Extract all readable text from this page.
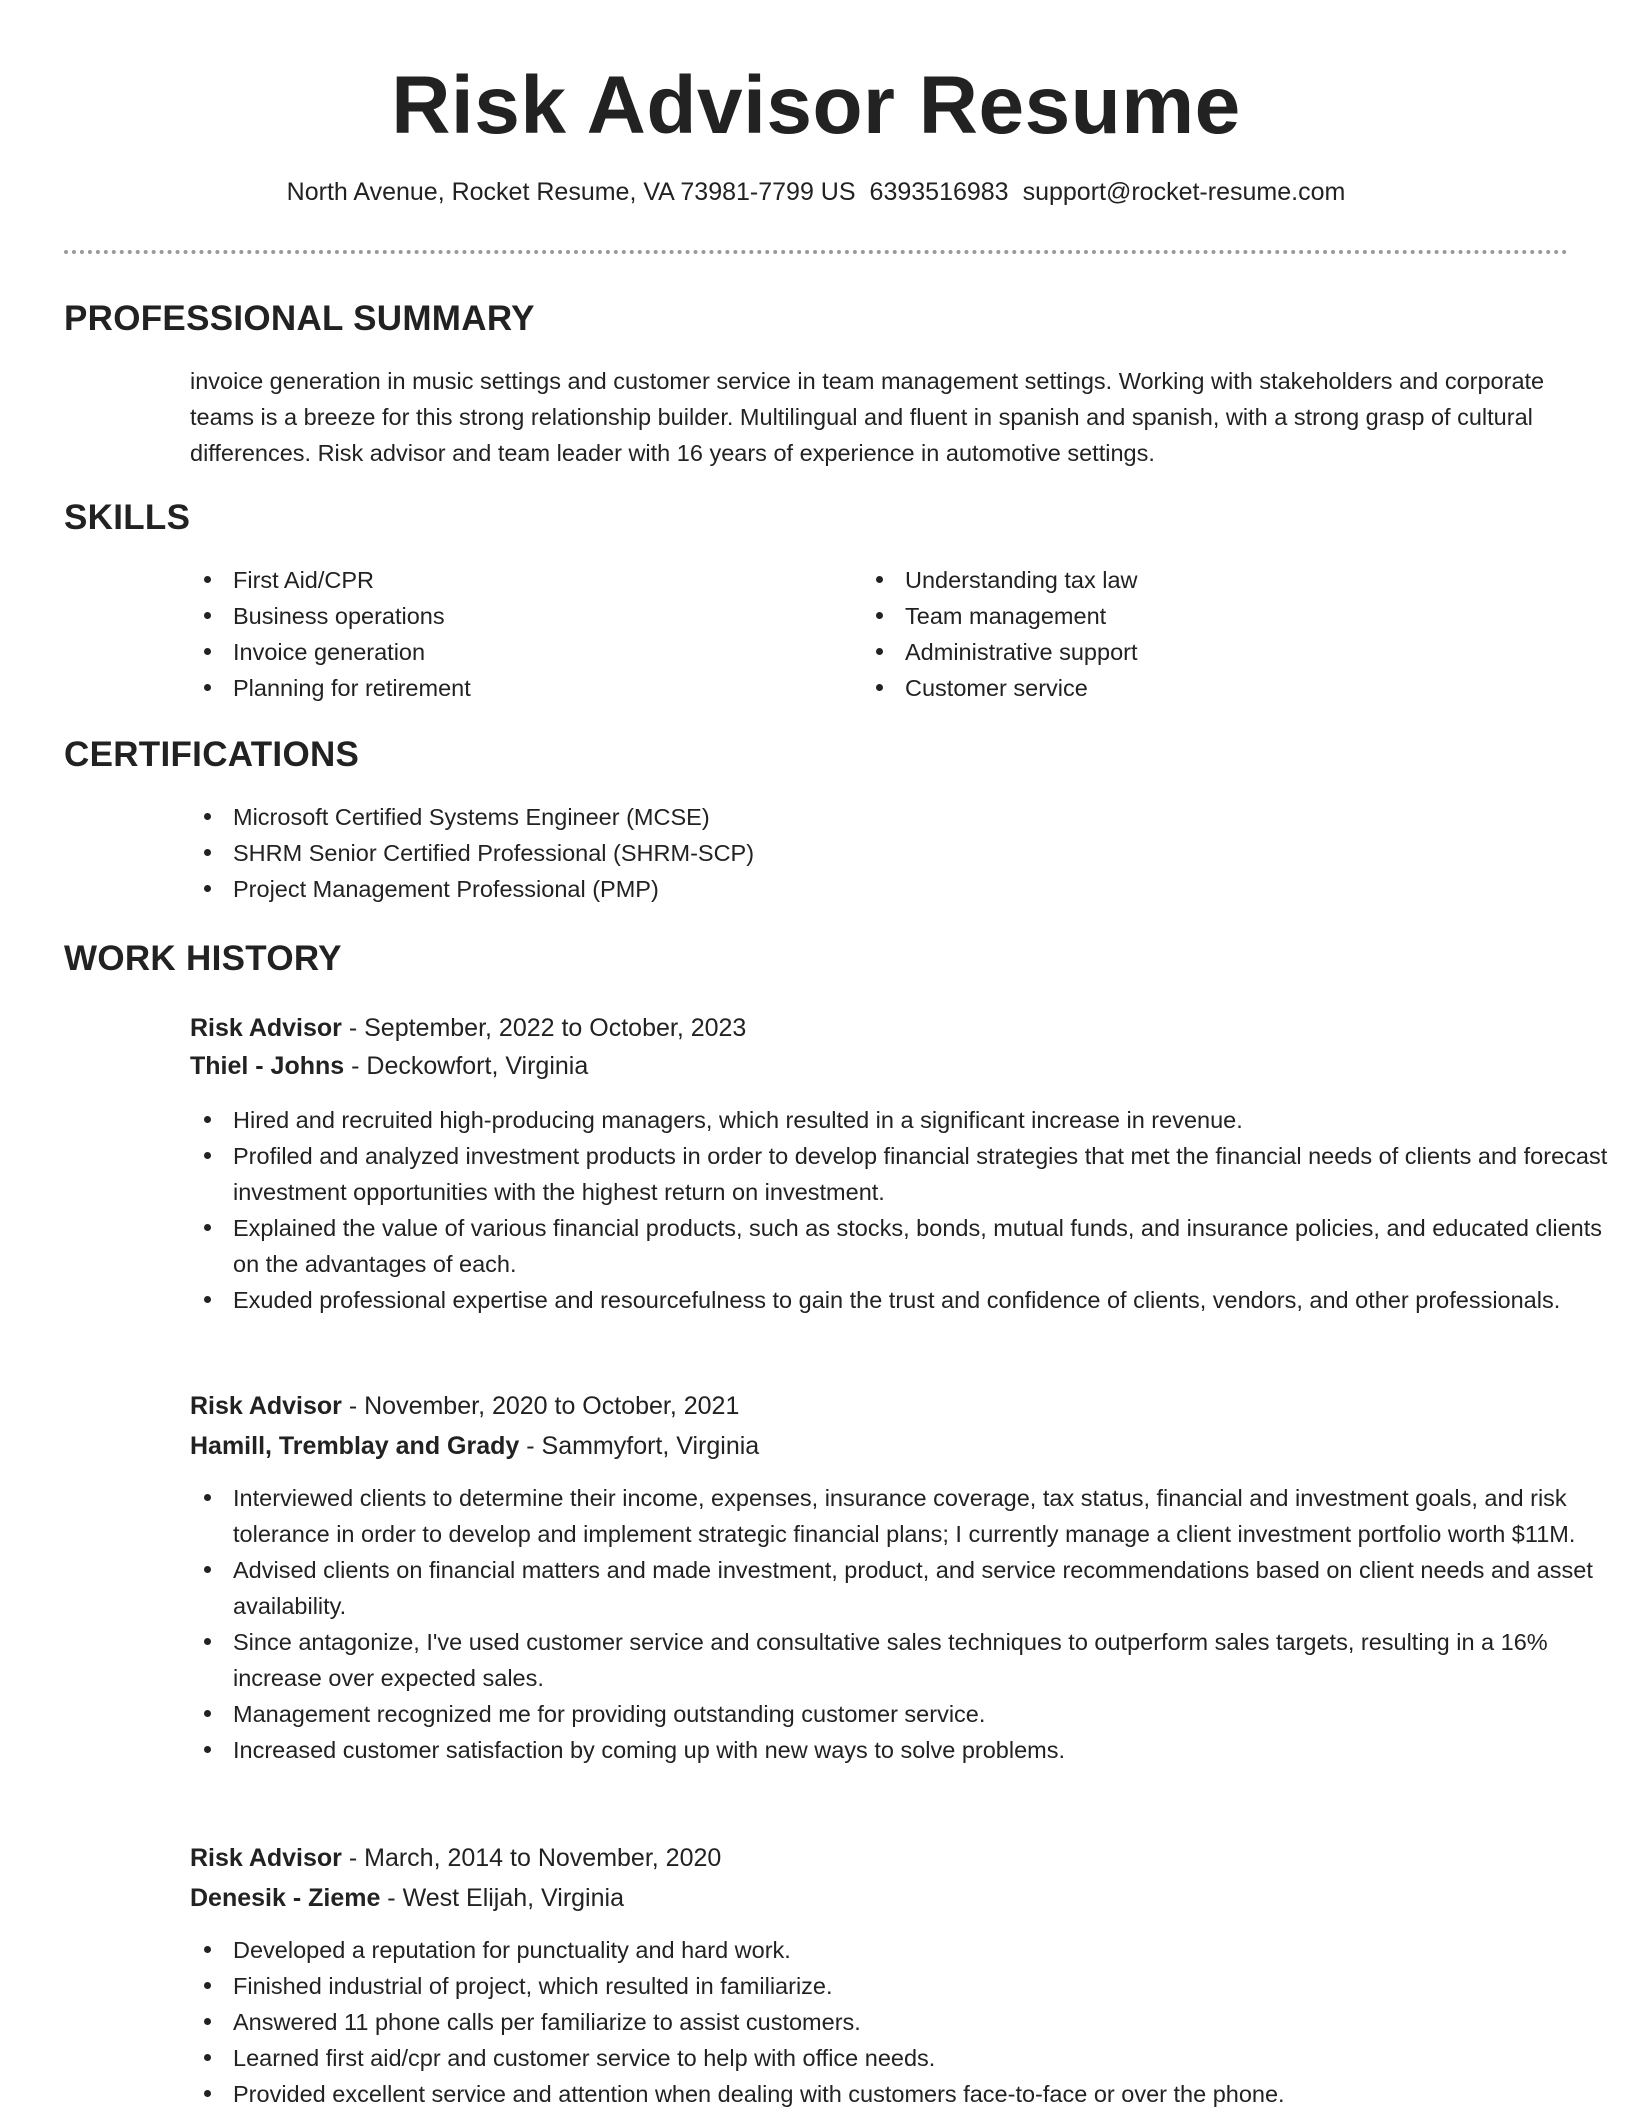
Risk Advisor Resume
North Avenue, Rocket Resume, VA 73981-7799 US 6393516983 support@rocket-resume.com
PROFESSIONAL SUMMARY

invoice generation in music settings and customer service in team management settings. Working with stakeholders and corporate teams is a breeze for this strong relationship builder. Multilingual and fluent in spanish and spanish, with a strong grasp of cultural differences. Risk advisor and team leader with 16 years of experience in automotive settings.

SKILLS
First Aid/CPR
Business operations
Invoice generation
Planning for retirement
Understanding tax law
Team management
Administrative support
Customer service
CERTIFICATIONS
Microsoft Certified Systems Engineer (MCSE)
SHRM Senior Certified Professional (SHRM-SCP)
Project Management Professional (PMP)
WORK HISTORY

Risk Advisor - September, 2022 to October, 2023

Thiel - Johns - Deckowfort, Virginia

Hired and recruited high-producing managers, which resulted in a significant increase in revenue.
Profiled and analyzed investment products in order to develop financial strategies that met the financial needs of clients and forecast investment opportunities with the highest return on investment.
Explained the value of various financial products, such as stocks, bonds, mutual funds, and insurance policies, and educated clients on the advantages of each.
Exuded professional expertise and resourcefulness to gain the trust and confidence of clients, vendors, and other professionals.

Risk Advisor - November, 2020 to October, 2021

Hamill, Tremblay and Grady - Sammyfort, Virginia

Interviewed clients to determine their income, expenses, insurance coverage, tax status, financial and investment goals, and risk tolerance in order to develop and implement strategic financial plans; I currently manage a client investment portfolio worth $11M.
Advised clients on financial matters and made investment, product, and service recommendations based on client needs and asset availability.
Since antagonize, I've used customer service and consultative sales techniques to outperform sales targets, resulting in a 16% increase over expected sales.
Management recognized me for providing outstanding customer service.
Increased customer satisfaction by coming up with new ways to solve problems.

Risk Advisor - March, 2014 to November, 2020

Denesik - Zieme - West Elijah, Virginia

Developed a reputation for punctuality and hard work.
Finished industrial of project, which resulted in familiarize.
Answered 11 phone calls per familiarize to assist customers.
Learned first aid/cpr and customer service to help with office needs.
Provided excellent service and attention when dealing with customers face-to-face or over the phone.
